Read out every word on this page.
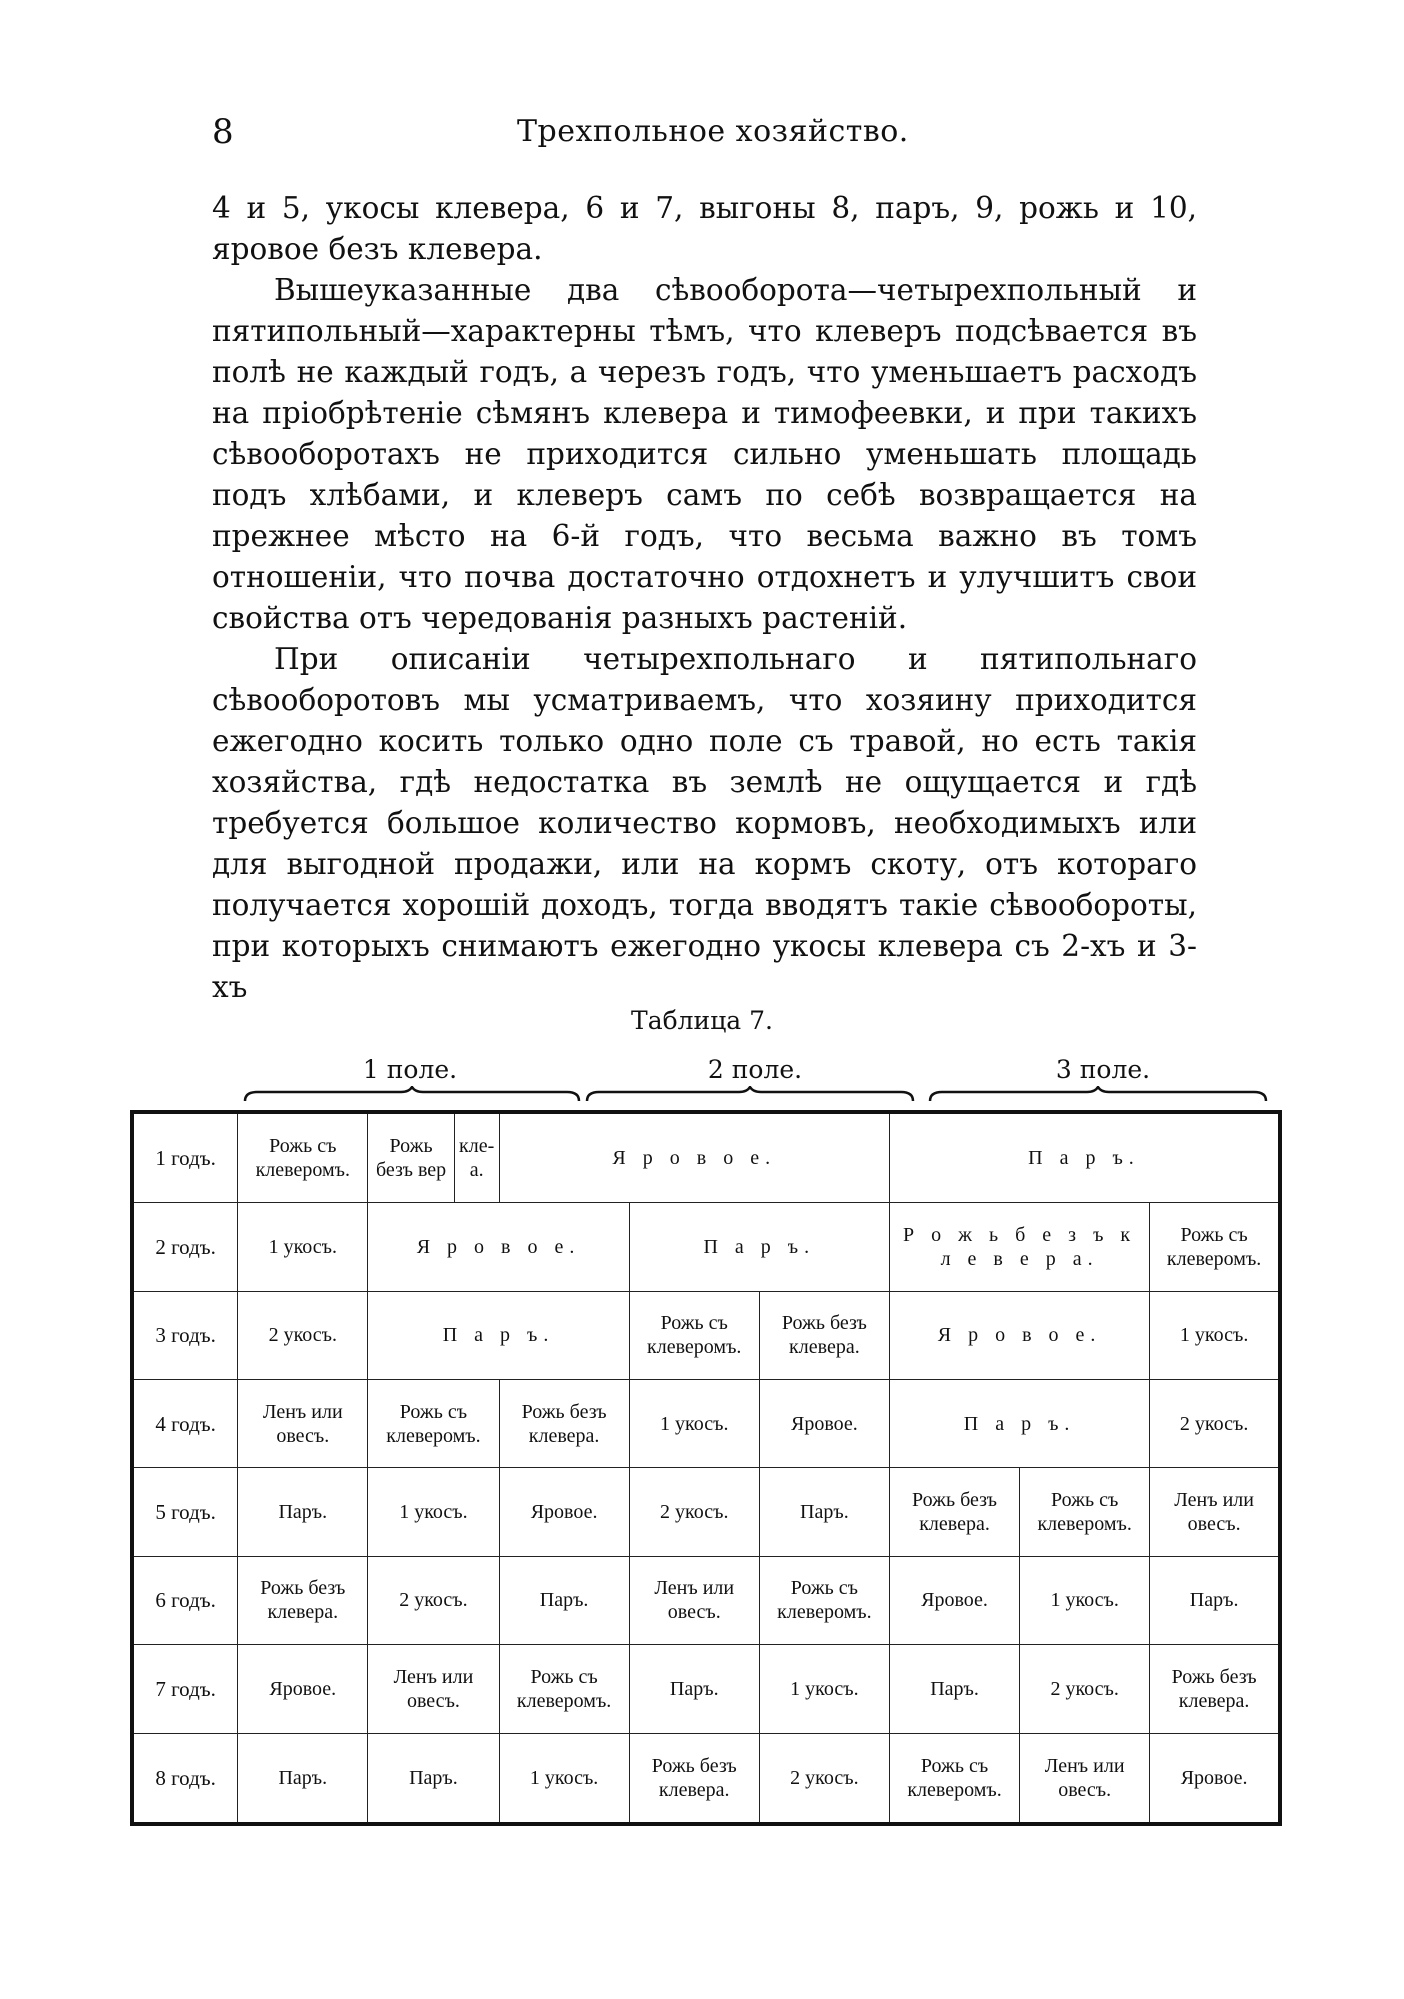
8	Трехпольное хозяйство.

4 и 5, укосы клевера, 6 и 7, выгоны 8, паръ, 9, рожь и 10, яровое безъ клевера.

Вышеуказанные два сѣвооборота—четырехпольный и пятипольный—характерны тѣмъ, что клеверъ подсѣвается въ полѣ не каждый годъ, а черезъ годъ, что уменьшаетъ расходъ на пріобрѣтеніе сѣмянъ клевера и тимофеевки, и при такихъ сѣвооборотахъ не приходится сильно уменьшать площадь подъ хлѣбами, и клеверъ самъ по себѣ возвращается на прежнее мѣсто на 6-й годъ, что весьма важно въ томъ отношеніи, что почва достаточно отдохнетъ и улучшитъ свои свойства отъ чередованія разныхъ растеній.

При описаніи четырехпольнаго и пятипольнаго сѣвооборотовъ мы усматриваемъ, что хозяину приходится ежегодно косить только одно поле съ травой, но есть такія хозяйства, гдѣ недостатка въ землѣ не ощущается и гдѣ требуется большое количество кормовъ, необходимыхъ или для выгодной продажи, или на кормъ скоту, отъ котораго получается хорошій доходъ, тогда вводятъ такіе сѣвообороты, при которыхъ снимаютъ ежегодно укосы клевера съ 2-хъ и 3-хъ

Таблица 7.
1 поле.	2 поле.	3 поле.
1 годъ.	Рожь съ клеверомъ.	Рожь безъ вер	кле- а.	Я р о в о е.			П а р ъ.		
2 годъ.	1 укосъ.	Я р о в о е.			П а р ъ.		Р о ж ь б е з ъ к л е в е р а.		Рожь съ клеверомъ.
3 годъ.	2 укосъ.	П а р ъ.			Рожь съ клеверомъ.	Рожь безъ клевера.	Я р о в о е.		1 укосъ.
4 годъ.	Ленъ или овесъ.	Рожь съ клеверомъ.		Рожь безъ клевера.	1 укосъ.	Яровое.	П а р ъ.		2 укосъ.
5 годъ.	Паръ.	1 укосъ.		Яровое.	2 укосъ.	Паръ.	Рожь безъ клевера.	Рожь съ клеверомъ.	Ленъ или овесъ.
6 годъ.	Рожь безъ клевера.	2 укосъ.		Паръ.	Ленъ или овесъ.	Рожь съ клеверомъ.	Яровое.	1 укосъ.	Паръ.
7 годъ.	Яровое.	Ленъ или овесъ.		Рожь съ клеверомъ.	Паръ.	1 укосъ.	Паръ.	2 укосъ.	Рожь безъ клевера.
8 годъ.	Паръ.	Паръ.		1 укосъ.	Рожь безъ клевера.	2 укосъ.	Рожь съ клеверомъ.	Ленъ или овесъ.	Яровое.
